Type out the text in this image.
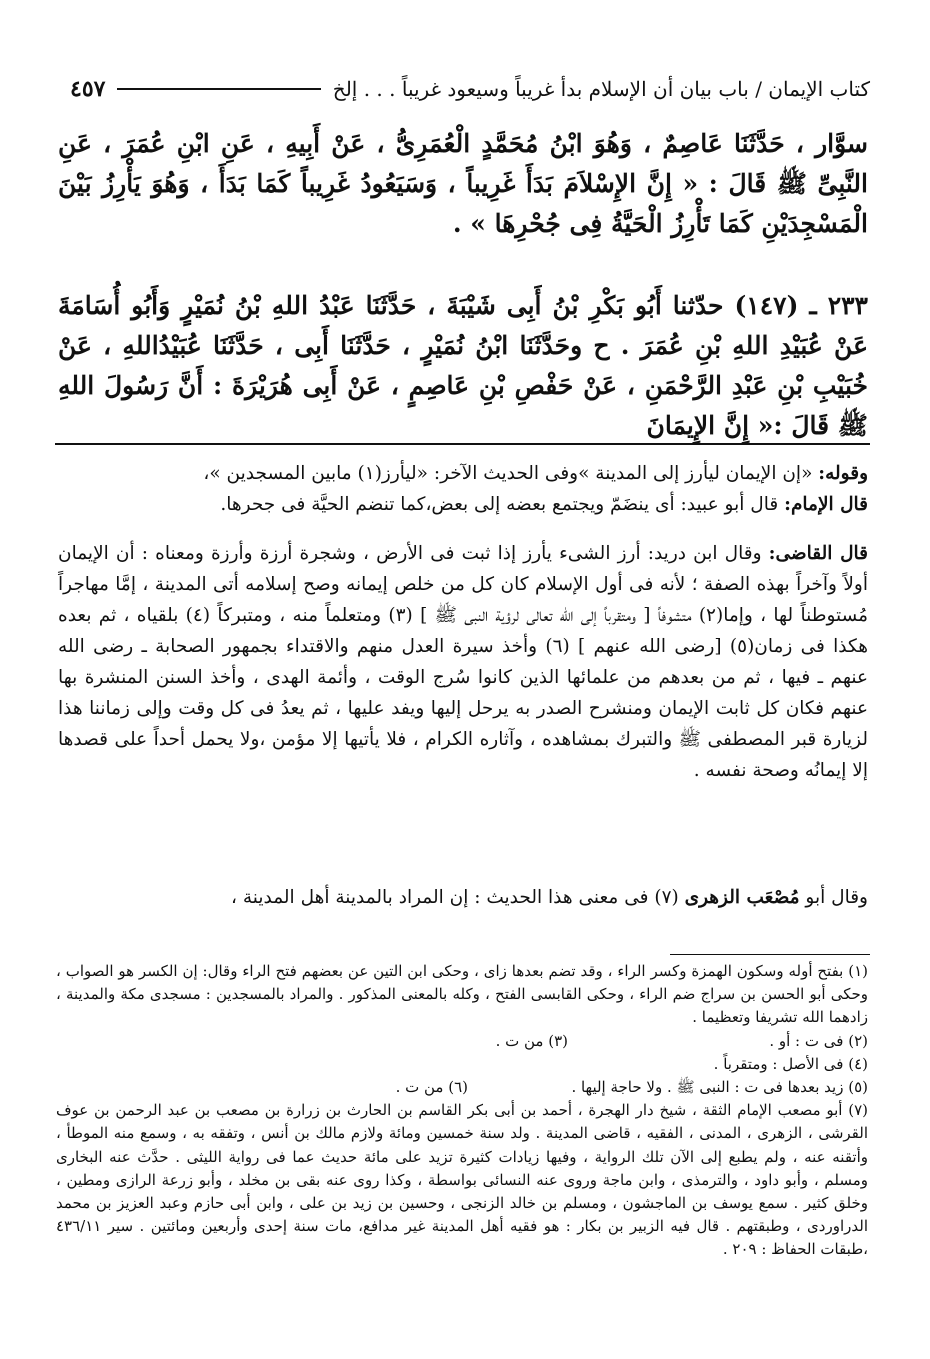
كتاب الإيمان / باب بيان أن الإسلام بدأ غريباً وسيعود غريباً . . . إلخ
٤٥٧

سوَّار ، حَدَّثَنَا عَاصِمٌ ، وَهُوَ ابْنُ مُحَمَّدٍ الْعُمَرِىُّ ، عَنْ أَبِيهِ ، عَنِ ابْنِ عُمَرَ ، عَنِ النَّبِىِّ ﷺ قَالَ : « إِنَّ الإِسْلاَمَ بَدَأَ غَرِيباً ، وَسَيَعُودُ غَرِيباً كَمَا بَدَأَ ، وَهُوَ يَأْرِزُ بَيْنَ الْمَسْجِدَيْنِ كَمَا تَأْرِزُ الْحَيَّةُ فِى جُحْرِهَا » .

٢٣٣ ـ (١٤٧) حدّثنا أَبُو بَكْرِ بْنُ أَبِى شَيْبَةَ ، حَدَّثَنَا عَبْدُ اللهِ بْنُ نُمَيْرٍ وَأَبُو أُسَامَةَ عَنْ عُبَيْدِ اللهِ بْنِ عُمَرَ . ح وحَدَّثَنَا ابْنُ نُمَيْرٍ ، حَدَّثَنَا أَبِى ، حَدَّثَنَا عُبَيْدُاللهِ ، عَنْ خُبَيْبِ بْنِ عَبْدِ الرَّحْمَنِ ، عَنْ حَفْصِ بْنِ عَاصِمٍ ، عَنْ أَبِى هُرَيْرَةَ : أَنَّ رَسُولَ اللهِ ﷺ قَالَ :« إِنَّ الإِيمَانَ

وقوله: «إن الإيمان ليأرز إلى المدينة »وفى الحديث الآخر: «ليأرز(١) مابين المسجدين »،

قال الإمام: قال أبو عبيد: أى ينضَمّ ويجتمع بعضه إلى بعض،كما تنضم الحيَّة فى جحرها.

قال القاضى: وقال ابن دريد: أرز الشىء يأرز إذا ثبت فى الأرض ، وشجرة أرزة وأرزة ومعناه : أن الإيمان أولاً وآخراً بهذه الصفة ؛ لأنه فى أول الإسلام كان كل من خلص إيمانه وصح إسلامه أتى المدينة ، إمَّا مهاجراً مُستوطناً لها ، وإما(٢) متشوفاً [ ومتقرباً إلى الله تعالى لرؤية النبى ﷺ ] (٣) ومتعلماً منه ، ومتبركاً (٤) بلقياه ، ثم بعده هكذا فى زمان(٥) [رضى الله عنهم ] (٦) وأخذ سيرة العدل منهم والاقتداء بجمهور الصحابة ـ رضى الله عنهم ـ فيها ، ثم من بعدهم من علمائها الذين كانوا سُرج الوقت ، وأئمة الهدى ، وأخذ السنن المنشرة بها عنهم فكان كل ثابت الإيمان ومنشرح الصدر به يرحل إليها ويفد عليها ، ثم يعدُ فى كل وقت وإلى زماننا هذا لزيارة قبر المصطفى ﷺ والتبرك بمشاهده ، وآثاره الكرام ، فلا يأتيها إلا مؤمن ،ولا يحمل أحداً على قصدها إلا إيمانُه وصحة نفسه .

وقال أبو مُصْعَب الزهرى (٧) فى معنى هذا الحديث : إن المراد بالمدينة أهل المدينة ،

(١) بفتح أوله وسكون الهمزة وكسر الراء ، وقد تضم بعدها زاى ، وحكى ابن التين عن بعضهم فتح الراء وقال: إن الكسر هو الصواب ، وحكى أبو الحسن بن سراج ضم الراء ، وحكى القابسى الفتح ، وكله بالمعنى المذكور . والمراد بالمسجدين : مسجدى مكة والمدينة ، زادهما الله تشريفا وتعظيما .

(٢) فى ت : أو .
(٣) من ت .
(٤) فى الأصل : ومتقرباً .
(٥) زيد بعدها فى ت : النبى ﷺ . ولا حاجة إليها .
(٦) من ت .

(٧) أبو مصعب الإمام الثقة ، شيخ دار الهجرة ، أحمد بن أبى بكر القاسم بن الحارث بن زرارة بن مصعب بن عبد الرحمن بن عوف القرشى ، الزهرى ، المدنى ، الفقيه ، قاضى المدينة . ولد سنة خمسين ومائة ولازم مالك بن أنس ، وتفقه به ، وسمع منه الموطأ ، وأتقنه عنه ، ولم يطبع إلى الآن تلك الرواية ، وفيها زيادات كثيرة تزيد على مائة حديث عما فى رواية الليثى . حدَّث عنه البخارى ومسلم ، وأبو داود ، والترمذى ، وابن ماجة وروى عنه النسائى بواسطة ، وكذا روى عنه بقى بن مخلد ، وأبو زرعة الرازى ومطين ، وخلق كثير . سمع يوسف بن الماجشون ، ومسلم بن خالد الزنجى ، وحسين بن زيد بن على ، وابن أبى حازم وعبد العزيز بن محمد الدراوردى ، وطبقتهم . قال فيه الزبير بن بكار : هو فقيه أهل المدينة غير مدافع، مات سنة إحدى وأربعين ومائتين . سير ٤٣٦/١١ ،طبقات الحفاظ : ٢٠٩ .
